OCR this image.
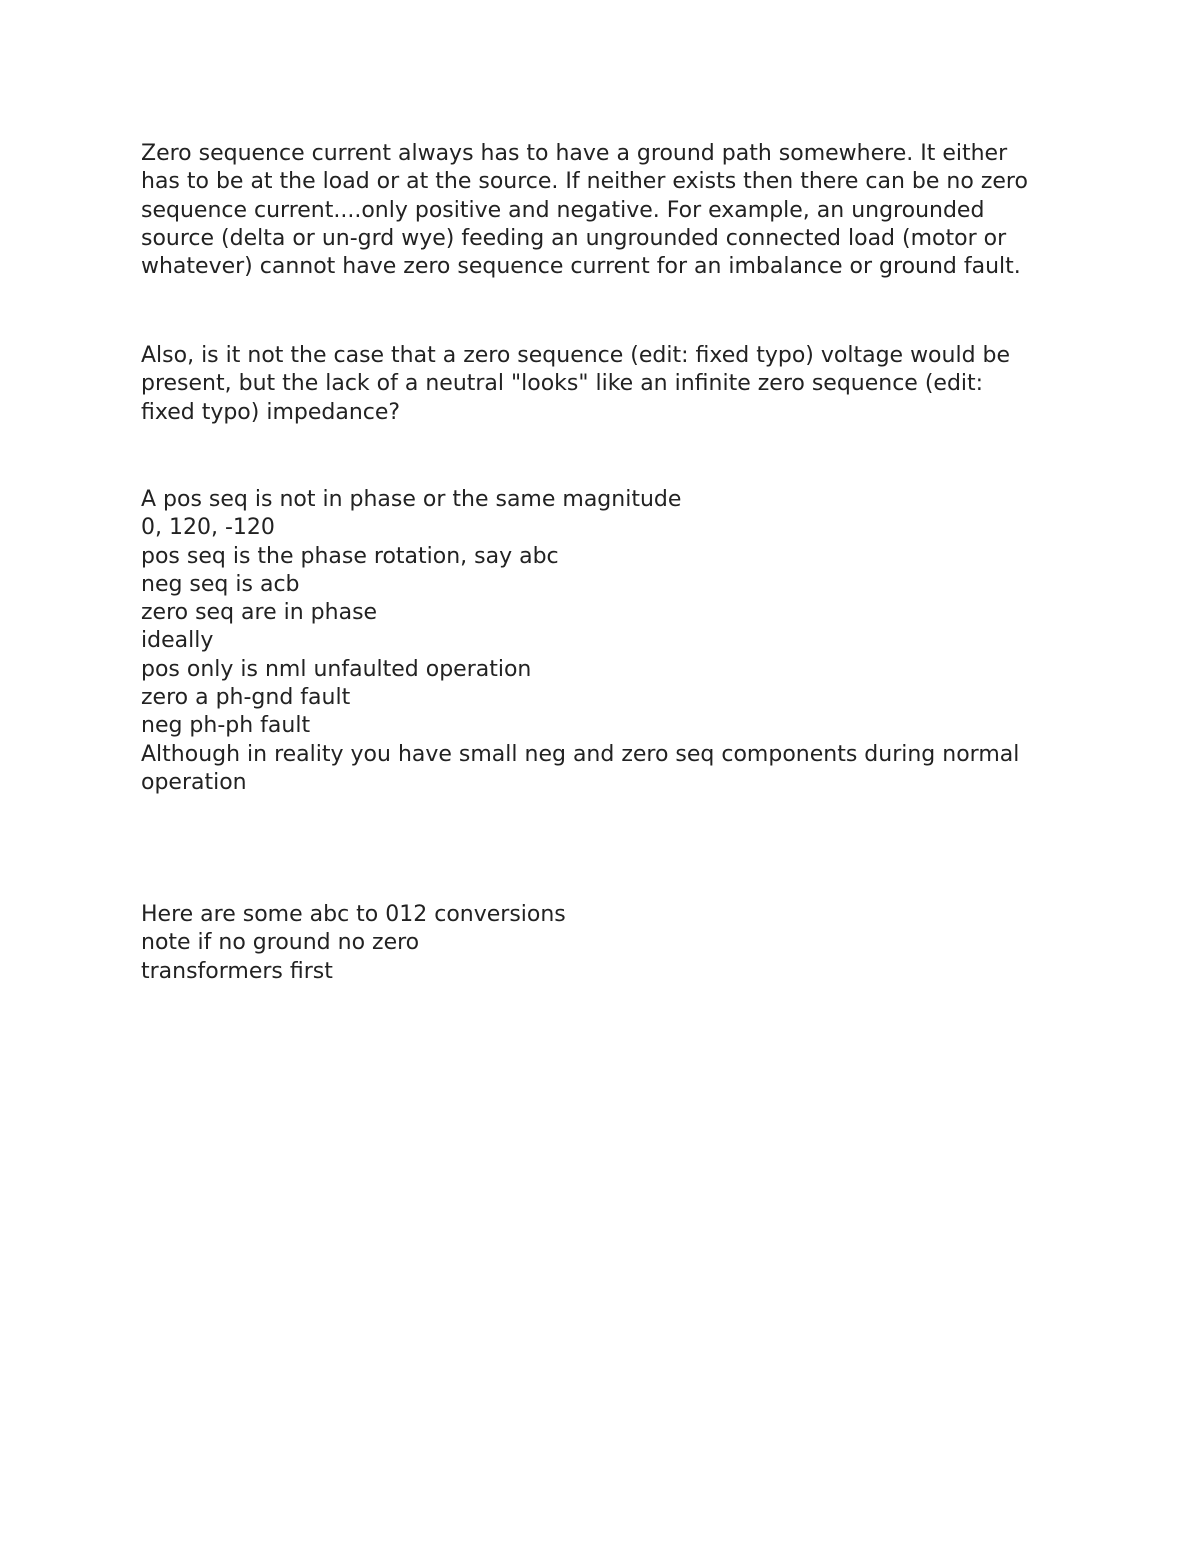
Zero sequence current always has to have a ground path somewhere. It either
has to be at the load or at the source. If neither exists then there can be no zero
sequence current....only positive and negative. For example, an ungrounded
source (delta or un-grd wye) feeding an ungrounded connected load (motor or
whatever) cannot have zero sequence current for an imbalance or ground fault.

Also, is it not the case that a zero sequence (edit: fixed typo) voltage would be
present, but the lack of a neutral "looks" like an infinite zero sequence (edit:
fixed typo) impedance?

A pos seq is not in phase or the same magnitude
0, 120, -120
pos seq is the phase rotation, say abc
neg seq is acb
zero seq are in phase
ideally
pos only is nml unfaulted operation
zero a ph-gnd fault
neg ph-ph fault
Although in reality you have small neg and zero seq components during normal
operation

Here are some abc to 012 conversions
note if no ground no zero
transformers first
